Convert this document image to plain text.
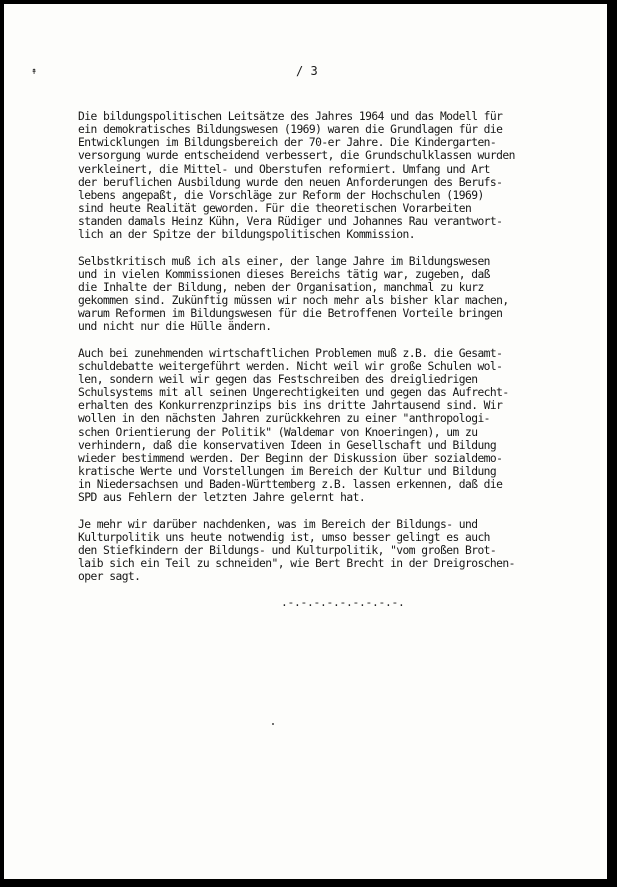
↟	/ 3
Die bildungspolitischen Leitsätze des Jahres 1964 und das Modell für
ein demokratisches Bildungswesen (1969) waren die Grundlagen für die
Entwicklungen im Bildungsbereich der 70-er Jahre. Die Kindergarten-
versorgung wurde entscheidend verbessert, die Grundschulklassen wurden
verkleinert, die Mittel- und Oberstufen reformiert. Umfang und Art
der beruflichen Ausbildung wurde den neuen Anforderungen des Berufs-
lebens angepaßt, die Vorschläge zur Reform der Hochschulen (1969)
sind heute Realität geworden. Für die theoretischen Vorarbeiten
standen damals Heinz Kühn, Vera Rüdiger und Johannes Rau verantwort-
lich an der Spitze der bildungspolitischen Kommission.
Selbstkritisch muß ich als einer, der lange Jahre im Bildungswesen
und in vielen Kommissionen dieses Bereichs tätig war, zugeben, daß
die Inhalte der Bildung, neben der Organisation, manchmal zu kurz
gekommen sind. Zukünftig müssen wir noch mehr als bisher klar machen,
warum Reformen im Bildungswesen für die Betroffenen Vorteile bringen
und nicht nur die Hülle ändern.
Auch bei zunehmenden wirtschaftlichen Problemen muß z.B. die Gesamt-
schuldebatte weitergeführt werden. Nicht weil wir große Schulen wol-
len, sondern weil wir gegen das Festschreiben des dreigliedrigen
Schulsystems mit all seinen Ungerechtigkeiten und gegen das Aufrecht-
erhalten des Konkurrenzprinzips bis ins dritte Jahrtausend sind. Wir
wollen in den nächsten Jahren zurückkehren zu einer "anthropologi-
schen Orientierung der Politik" (Waldemar von Knoeringen), um zu
verhindern, daß die konservativen Ideen in Gesellschaft und Bildung
wieder bestimmend werden. Der Beginn der Diskussion über sozialdemo-
kratische Werte und Vorstellungen im Bereich der Kultur und Bildung
in Niedersachsen und Baden-Württemberg z.B. lassen erkennen, daß die
SPD aus Fehlern der letzten Jahre gelernt hat.
Je mehr wir darüber nachdenken, was im Bereich der Bildungs- und
Kulturpolitik uns heute notwendig ist, umso besser gelingt es auch
den Stiefkindern der Bildungs- und Kulturpolitik, "vom großen Brot-
laib sich ein Teil zu schneiden", wie Bert Brecht in der Dreigroschen-
oper sagt.
.-.-.-.-.-.-.-.-.-.
